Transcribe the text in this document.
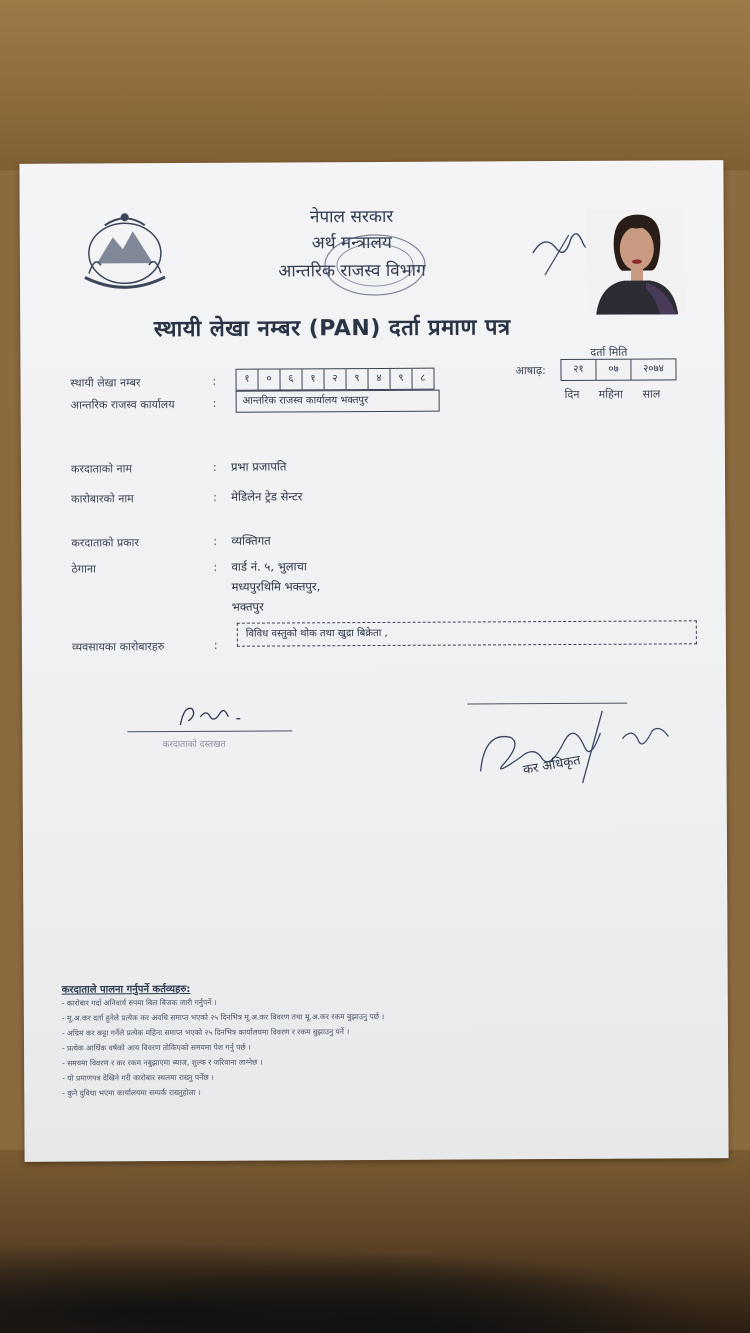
नेपाल सरकार
अर्थ मन्त्रालय
आन्तरिक राजस्व विभाग
स्थायी लेखा नम्बर (PAN) दर्ता प्रमाण पत्र
दर्ता मिति
आषाढ़:	२१	०७	२०७४
दिन महिना साल
स्थायी लेखा नम्बर	:	१	०	६	१	२	९	४	९	८
आन्तरिक राजस्व कार्यालय	:	आन्तरिक राजस्व कार्यालय भक्तपुर
करदाताको नाम	: प्रभा प्रजापति
कारोबारको नाम	: मेडिलेन ट्रेड सेन्टर
करदाताको प्रकार	: व्यक्तिगत
ठेगाना	: वार्ड नं. ५, भुलाचा
मध्यपुरथिमि भक्तपुर,
भक्तपुर
व्यवसायका कारोबारहरु	:
विविध वस्तुको थोक तथा खुद्रा बिक्रेता ,
करदाताको दस्तखत
कर अधिकृत
करदाताले पालना गर्नुपर्ने कर्तव्यहरु:
- कारोबार गर्दा अनिवार्य रुपमा बिल बिजक जारी गर्नुपर्ने ।
- मू.अ.कर दर्ता हुनेले प्रत्येक कर अवधि समाप्त भएको २५ दिनभित्र मू.अ.कर विवरण तथा मू.अ.कर रकम बुझाउनु पर्छ ।
- अग्रिम कर कट्टा गर्नेले प्रत्येक महिना समाप्त भएको २५ दिनभित्र कार्यालयमा विवरण र रकम बुझाउनु पर्ने ।
- प्रत्येक आर्थिक वर्षको आय विवरण तोकिएको समयमा पेश गर्नु पर्छ ।
- समयमा विवरण र कर रकम नबुझाएमा ब्याज, शुल्क र जरिवाना लाग्नेछ ।
- यो प्रमाणपत्र देखिने गरी कारोबार स्थलमा राख्नु पर्नेछ ।
- कुनै दुविधा भएमा कार्यालयमा सम्पर्क राख्नुहोला ।
